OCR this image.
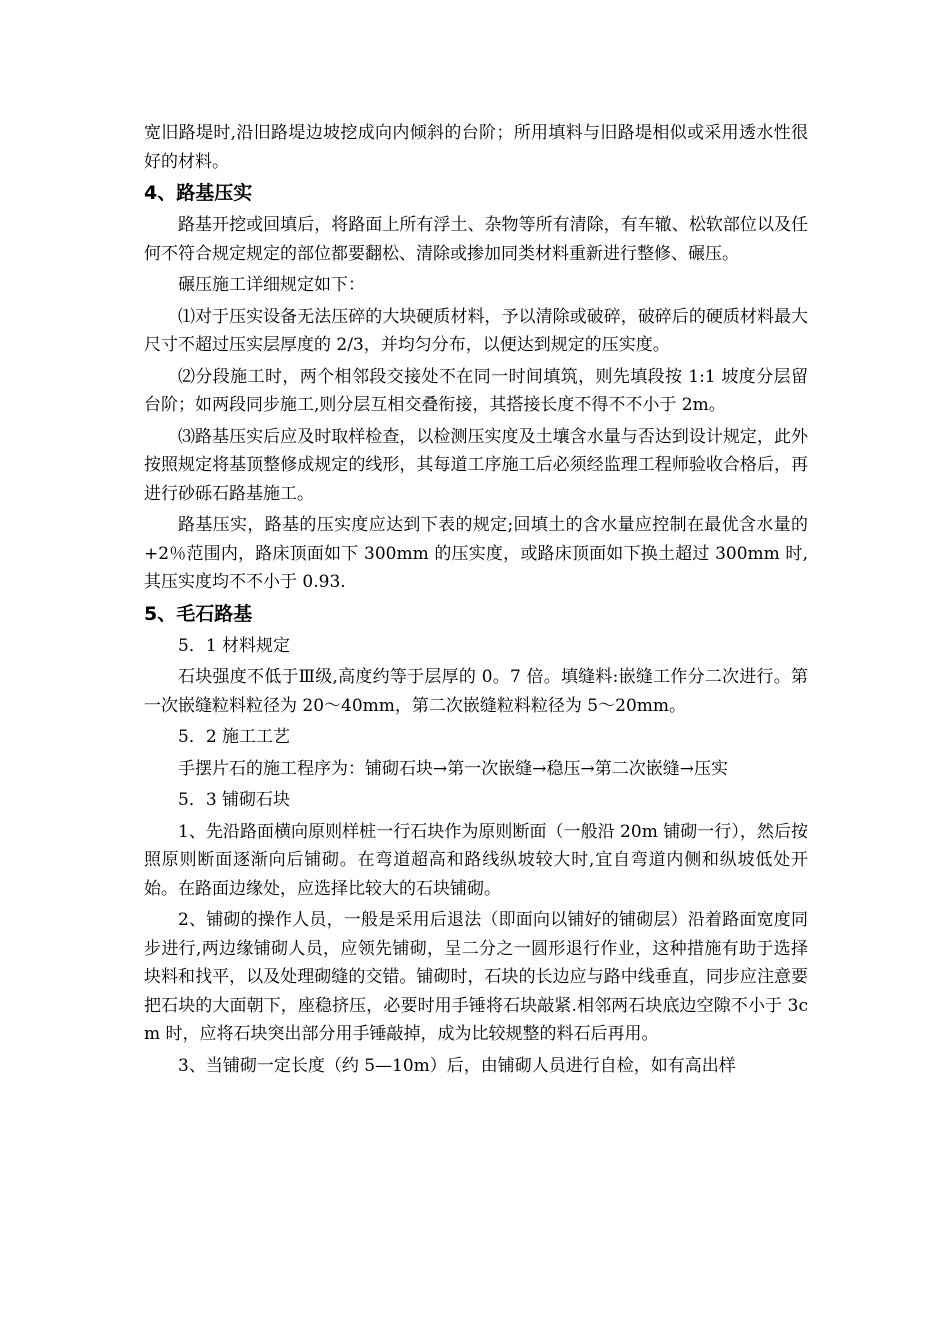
宽旧路堤时,沿旧路堤边坡挖成向内倾斜的台阶；所用填料与旧路堤相似或采用透水性很好的材料。

4、路基压实

路基开挖或回填后，将路面上所有浮土、杂物等所有清除，有车辙、松软部位以及任何不符合规定规定的部位都要翻松、清除或掺加同类材料重新进行整修、碾压。

碾压施工详细规定如下：

⑴对于压实设备无法压碎的大块硬质材料，予以清除或破碎，破碎后的硬质材料最大尺寸不超过压实层厚度的 2/3，并均匀分布，以便达到规定的压实度。

⑵分段施工时，两个相邻段交接处不在同一时间填筑，则先填段按 1:1 坡度分层留台阶；如两段同步施工,则分层互相交叠衔接，其搭接长度不得不不小于 2m。

⑶路基压实后应及时取样检查，以检测压实度及土壤含水量与否达到设计规定，此外按照规定将基顶整修成规定的线形，其每道工序施工后必须经监理工程师验收合格后，再进行砂砾石路基施工。

路基压实，路基的压实度应达到下表的规定;回填土的含水量应控制在最优含水量的+2％范围内，路床顶面如下 300mm 的压实度，或路床顶面如下换土超过 300mm 时,其压实度均不不小于 0.93.

5、毛石路基

5．1 材料规定

石块强度不低于Ⅲ级,高度约等于层厚的 0。7 倍。填缝料:嵌缝工作分二次进行。第一次嵌缝粒料粒径为 20～40mm，第二次嵌缝粒料粒径为 5～20mm。

5．2 施工工艺

手摆片石的施工程序为：铺砌石块→第一次嵌缝→稳压→第二次嵌缝→压实

5．3 铺砌石块

1、先沿路面横向原则样桩一行石块作为原则断面（一般沿 20m 铺砌一行），然后按照原则断面逐渐向后铺砌。在弯道超高和路线纵坡较大时,宜自弯道内侧和纵坡低处开始。在路面边缘处，应选择比较大的石块铺砌。

2、铺砌的操作人员，一般是采用后退法（即面向以铺好的铺砌层）沿着路面宽度同步进行,两边缘铺砌人员，应领先铺砌，呈二分之一圆形退行作业，这种措施有助于选择块料和找平，以及处理砌缝的交错。铺砌时，石块的长边应与路中线垂直，同步应注意要把石块的大面朝下，座稳挤压，必要时用手锤将石块敲紧.相邻两石块底边空隙不小于 3cm 时，应将石块突出部分用手锤敲掉，成为比较规整的料石后再用。

3、当铺砌一定长度（约 5—10m）后，由铺砌人员进行自检，如有高出样
